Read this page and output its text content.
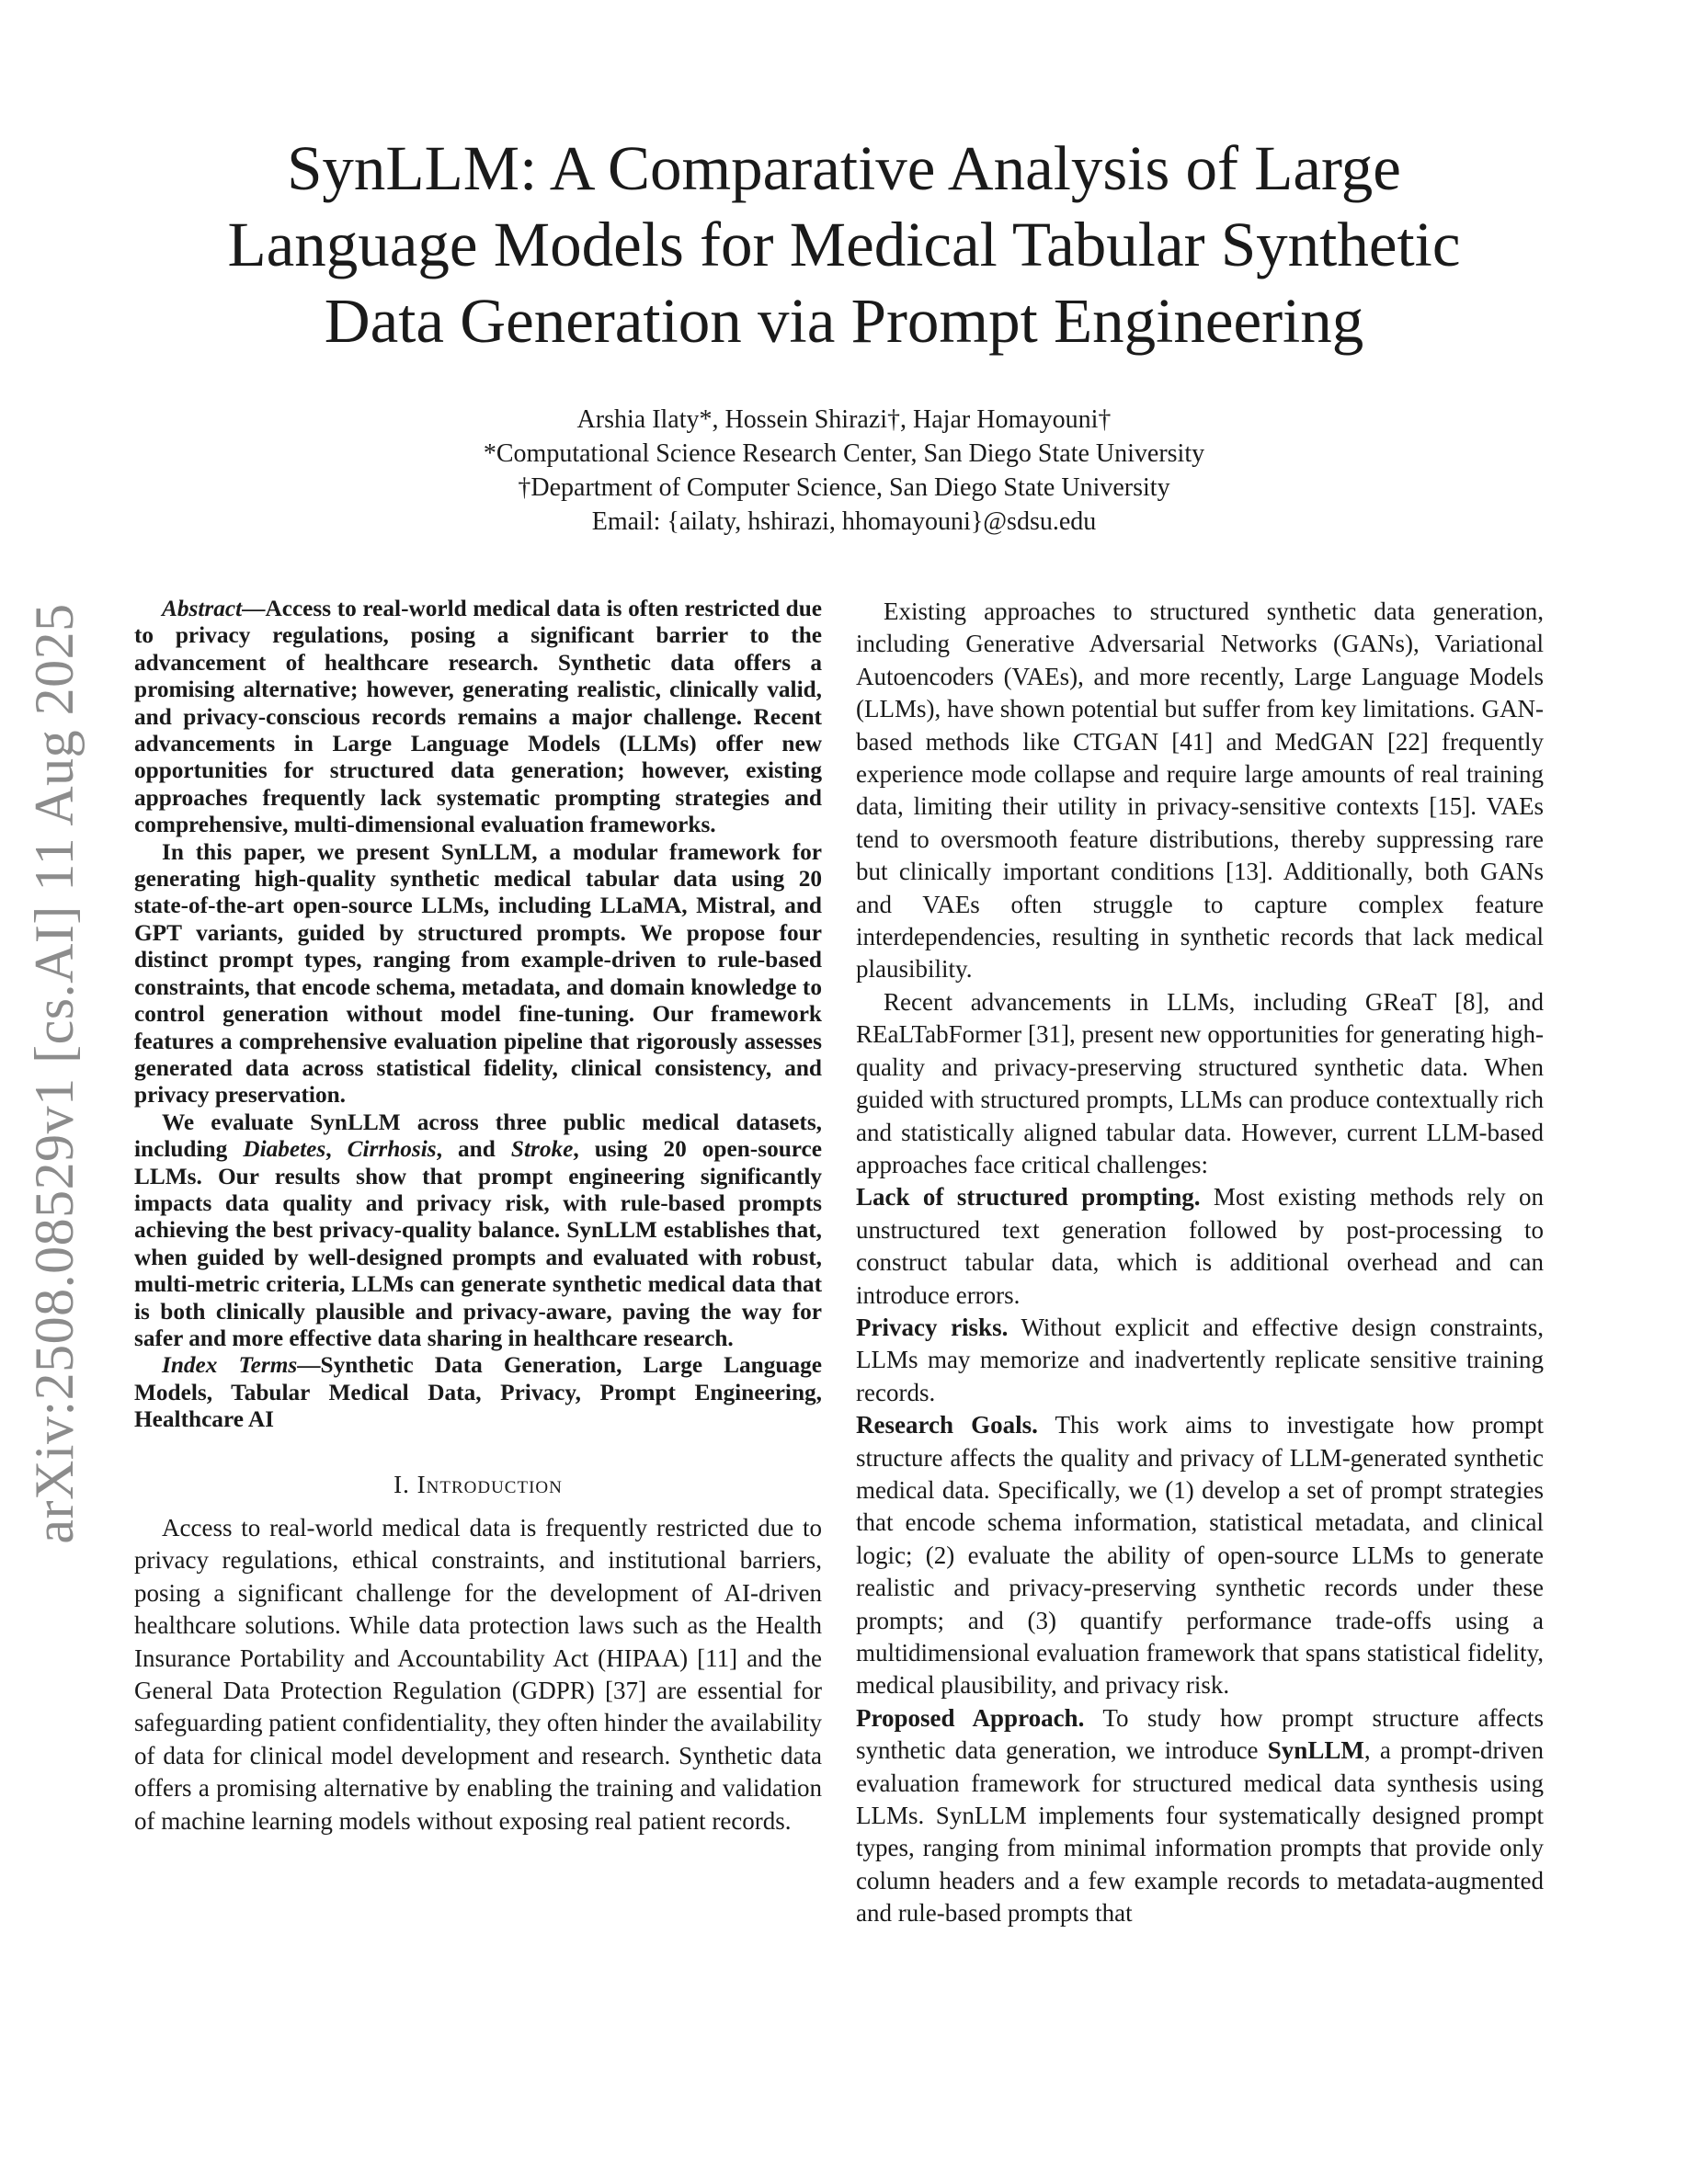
arXiv:2508.08529v1 [cs.AI] 11 Aug 2025
SynLLM: A Comparative Analysis of Large
Language Models for Medical Tabular Synthetic
Data Generation via Prompt Engineering
Arshia Ilaty*, Hossein Shirazi†, Hajar Homayouni†
*Computational Science Research Center, San Diego State University
†Department of Computer Science, San Diego State University
Email: {ailaty, hshirazi, hhomayouni}@sdsu.edu

Abstract—Access to real-world medical data is often restricted due to privacy regulations, posing a significant barrier to the advancement of healthcare research. Synthetic data offers a promising alternative; however, generating realistic, clinically valid, and privacy-conscious records remains a major challenge. Recent advancements in Large Language Models (LLMs) offer new opportunities for structured data generation; however, existing approaches frequently lack systematic prompting strategies and comprehensive, multi-dimensional evaluation frameworks.

In this paper, we present SynLLM, a modular framework for generating high-quality synthetic medical tabular data using 20 state-of-the-art open-source LLMs, including LLaMA, Mistral, and GPT variants, guided by structured prompts. We propose four distinct prompt types, ranging from example-driven to rule-based constraints, that encode schema, metadata, and domain knowledge to control generation without model fine-tuning. Our framework features a comprehensive evaluation pipeline that rigorously assesses generated data across statistical fidelity, clinical consistency, and privacy preservation.

We evaluate SynLLM across three public medical datasets, including Diabetes, Cirrhosis, and Stroke, using 20 open-source LLMs. Our results show that prompt engineering significantly impacts data quality and privacy risk, with rule-based prompts achieving the best privacy-quality balance. SynLLM establishes that, when guided by well-designed prompts and evaluated with robust, multi-metric criteria, LLMs can generate synthetic medical data that is both clinically plausible and privacy-aware, paving the way for safer and more effective data sharing in healthcare research.

Index Terms—Synthetic Data Generation, Large Language Models, Tabular Medical Data, Privacy, Prompt Engineering, Healthcare AI

I. Introduction

Access to real-world medical data is frequently restricted due to privacy regulations, ethical constraints, and institutional barriers, posing a significant challenge for the development of AI-driven healthcare solutions. While data protection laws such as the Health Insurance Portability and Accountability Act (HIPAA) [11] and the General Data Protection Regulation (GDPR) [37] are essential for safeguarding patient confidentiality, they often hinder the availability of data for clinical model development and research. Synthetic data offers a promising alternative by enabling the training and validation of machine learning models without exposing real patient records.

Existing approaches to structured synthetic data generation, including Generative Adversarial Networks (GANs), Variational Autoencoders (VAEs), and more recently, Large Language Models (LLMs), have shown potential but suffer from key limitations. GAN-based methods like CTGAN [41] and MedGAN [22] frequently experience mode collapse and require large amounts of real training data, limiting their utility in privacy-sensitive contexts [15]. VAEs tend to oversmooth feature distributions, thereby suppressing rare but clinically important conditions [13]. Additionally, both GANs and VAEs often struggle to capture complex feature interdependencies, resulting in synthetic records that lack medical plausibility.

Recent advancements in LLMs, including GReaT [8], and REaLTabFormer [31], present new opportunities for generating high-quality and privacy-preserving structured synthetic data. When guided with structured prompts, LLMs can produce contextually rich and statistically aligned tabular data. However, current LLM-based approaches face critical challenges:

Lack of structured prompting. Most existing methods rely on unstructured text generation followed by post-processing to construct tabular data, which is additional overhead and can introduce errors.

Privacy risks. Without explicit and effective design constraints, LLMs may memorize and inadvertently replicate sensitive training records.

Research Goals. This work aims to investigate how prompt structure affects the quality and privacy of LLM-generated synthetic medical data. Specifically, we (1) develop a set of prompt strategies that encode schema information, statistical metadata, and clinical logic; (2) evaluate the ability of open-source LLMs to generate realistic and privacy-preserving synthetic records under these prompts; and (3) quantify performance trade-offs using a multidimensional evaluation framework that spans statistical fidelity, medical plausibility, and privacy risk.

Proposed Approach. To study how prompt structure affects synthetic data generation, we introduce SynLLM, a prompt-driven evaluation framework for structured medical data synthesis using LLMs. SynLLM implements four systematically designed prompt types, ranging from minimal information prompts that provide only column headers and a few example records to metadata-augmented and rule-based prompts that
